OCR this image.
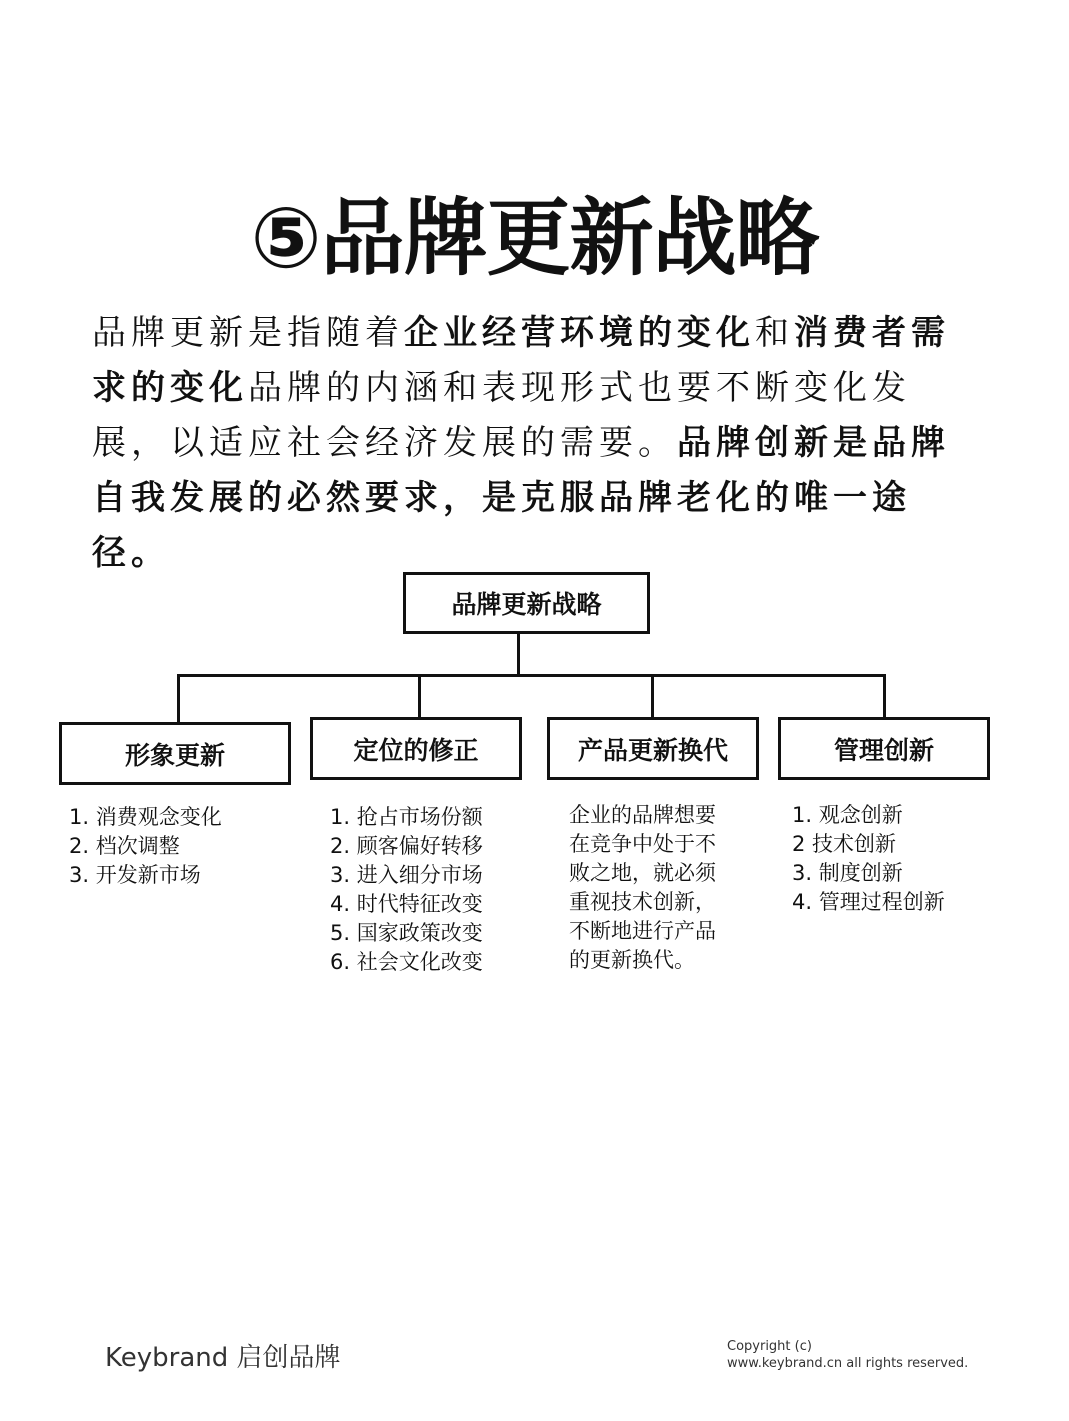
⑤品牌更新战略

品牌更新是指随着企业经营环境的变化和消费者需求的变化品牌的内涵和表现形式也要不断变化发展，以适应社会经济发展的需要。品牌创新是品牌自我发展的必然要求，是克服品牌老化的唯一途径。

品牌更新战略
形象更新	定位的修正	产品更新换代	管理创新
1. 消费观念变化
2. 档次调整
3. 开发新市场
1. 抢占市场份额
2. 顾客偏好转移
3. 进入细分市场
4. 时代特征改变
5. 国家政策改变
6. 社会文化改变
企业的品牌想要
在竞争中处于不
败之地，就必须
重视技术创新，
不断地进行产品
的更新换代。
1. 观念创新
2 技术创新
3. 制度创新
4. 管理过程创新
Keybrand 启创品牌	Copyright (c)
www.keybrand.cn all rights reserved.
